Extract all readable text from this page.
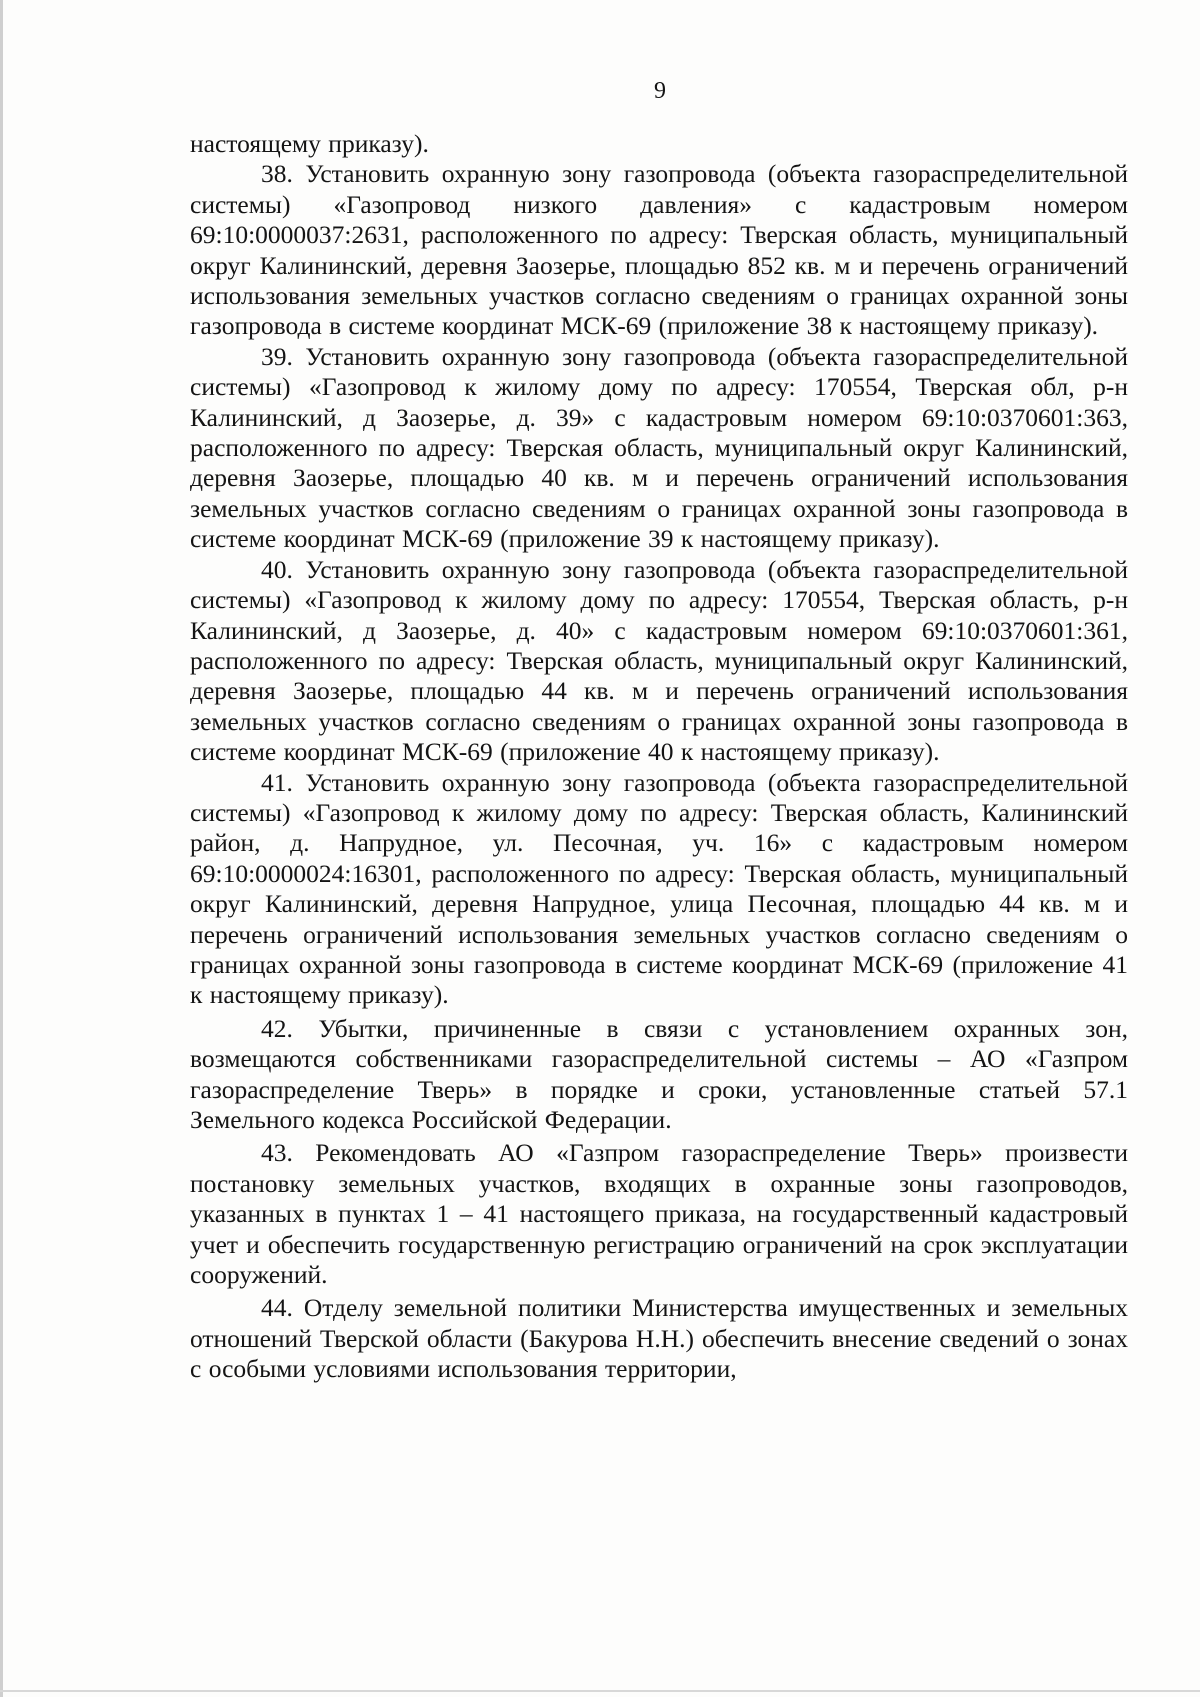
9

настоящему приказу).

38. Установить охранную зону газопровода (объекта газораспределительной системы) «Газопровод низкого давления» с кадастровым номером 69:10:0000037:2631, расположенного по адресу: Тверская область, муниципальный округ Калининский, деревня Заозерье, площадью 852 кв. м и перечень ограничений использования земельных участков согласно сведениям о границах охранной зоны газопровода в системе координат МСК-69 (приложение 38 к настоящему приказу).

39. Установить охранную зону газопровода (объекта газораспределительной системы) «Газопровод к жилому дому по адресу: 170554, Тверская обл, р-н Калининский, д Заозерье, д. 39» с кадастровым номером 69:10:0370601:363, расположенного по адресу: Тверская область, муниципальный округ Калининский, деревня Заозерье, площадью 40 кв. м и перечень ограничений использования земельных участков согласно сведениям о границах охранной зоны газопровода в системе координат МСК-69 (приложение 39 к настоящему приказу).

40. Установить охранную зону газопровода (объекта газораспределительной системы) «Газопровод к жилому дому по адресу: 170554, Тверская область, р-н Калининский, д Заозерье, д. 40» с кадастровым номером 69:10:0370601:361, расположенного по адресу: Тверская область, муниципальный округ Калининский, деревня Заозерье, площадью 44 кв. м и перечень ограничений использования земельных участков согласно сведениям о границах охранной зоны газопровода в системе координат МСК-69 (приложение 40 к настоящему приказу).

41. Установить охранную зону газопровода (объекта газораспределительной системы) «Газопровод к жилому дому по адресу: Тверская область, Калининский район, д. Напрудное, ул. Песочная, уч. 16» с кадастровым номером 69:10:0000024:16301, расположенного по адресу: Тверская область, муниципальный округ Калининский, деревня Напрудное, улица Песочная, площадью 44 кв. м и перечень ограничений использования земельных участков согласно сведениям о границах охранной зоны газопровода в системе координат МСК-69 (приложение 41 к настоящему приказу).

42. Убытки, причиненные в связи с установлением охранных зон, возмещаются собственниками газораспределительной системы – АО «Газпром газораспределение Тверь» в порядке и сроки, установленные статьей 57.1 Земельного кодекса Российской Федерации.

43. Рекомендовать АО «Газпром газораспределение Тверь» произвести постановку земельных участков, входящих в охранные зоны газопроводов, указанных в пунктах 1 – 41 настоящего приказа, на государственный кадастровый учет и обеспечить государственную регистрацию ограничений на срок эксплуатации сооружений.

44. Отделу земельной политики Министерства имущественных и земельных отношений Тверской области (Бакурова Н.Н.) обеспечить внесение сведений о зонах с особыми условиями использования территории,
